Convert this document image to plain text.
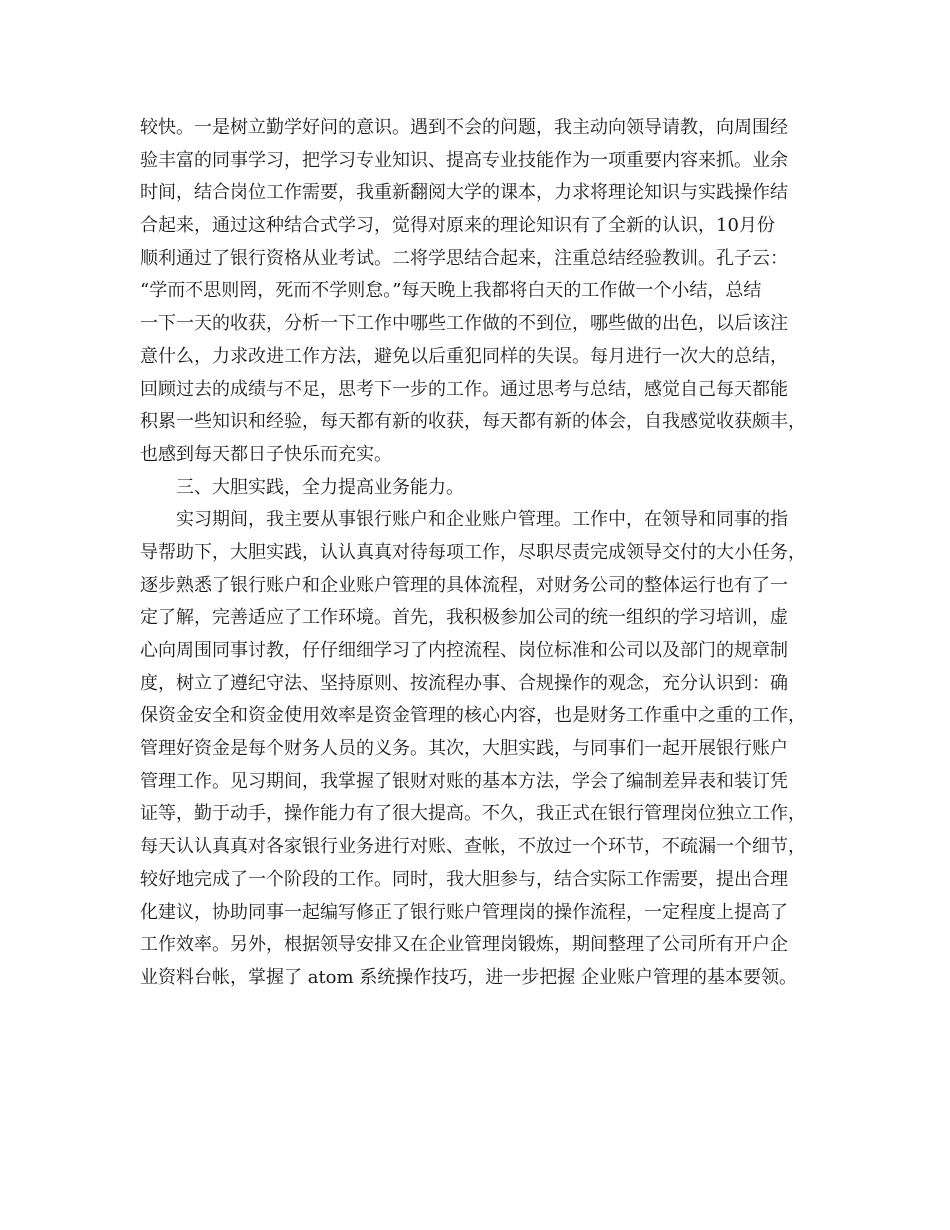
较快。一是树立勤学好问的意识。遇到不会的问题，我主动向领导请教，向周围经
验丰富的同事学习，把学习专业知识、提高专业技能作为一项重要内容来抓。业余
时间，结合岗位工作需要，我重新翻阅大学的课本，力求将理论知识与实践操作结
合起来，通过这种结合式学习，觉得对原来的理论知识有了全新的认识，10月份
顺利通过了银行资格从业考试。二将学思结合起来，注重总结经验教训。孔子云：
“学而不思则罔，死而不学则怠。”每天晚上我都将白天的工作做一个小结，总结
一下一天的收获，分析一下工作中哪些工作做的不到位，哪些做的出色，以后该注
意什么，力求改进工作方法，避免以后重犯同样的失误。每月进行一次大的总结，
回顾过去的成绩与不足，思考下一步的工作。通过思考与总结，感觉自己每天都能
积累一些知识和经验，每天都有新的收获，每天都有新的体会，自我感觉收获颇丰，
也感到每天都日子快乐而充实。
三、大胆实践，全力提高业务能力。
实习期间，我主要从事银行账户和企业账户管理。工作中，在领导和同事的指
导帮助下，大胆实践，认认真真对待每项工作，尽职尽责完成领导交付的大小任务，
逐步熟悉了银行账户和企业账户管理的具体流程，对财务公司的整体运行也有了一
定了解，完善适应了工作环境。首先，我积极参加公司的统一组织的学习培训，虚
心向周围同事讨教，仔仔细细学习了内控流程、岗位标准和公司以及部门的规章制
度，树立了遵纪守法、坚持原则、按流程办事、合规操作的观念，充分认识到：确
保资金安全和资金使用效率是资金管理的核心内容，也是财务工作重中之重的工作，
管理好资金是每个财务人员的义务。其次，大胆实践，与同事们一起开展银行账户
管理工作。见习期间，我掌握了银财对账的基本方法，学会了编制差异表和装订凭
证等，勤于动手，操作能力有了很大提高。不久，我正式在银行管理岗位独立工作，
每天认认真真对各家银行业务进行对账、查帐，不放过一个环节，不疏漏一个细节，
较好地完成了一个阶段的工作。同时，我大胆参与，结合实际工作需要，提出合理
化建议，协助同事一起编写修正了银行账户管理岗的操作流程，一定程度上提高了
工作效率。另外，根据领导安排又在企业管理岗锻炼，期间整理了公司所有开户企
业资料台帐，掌握了 atom 系统操作技巧，进一步把握 企业账户管理的基本要领。
